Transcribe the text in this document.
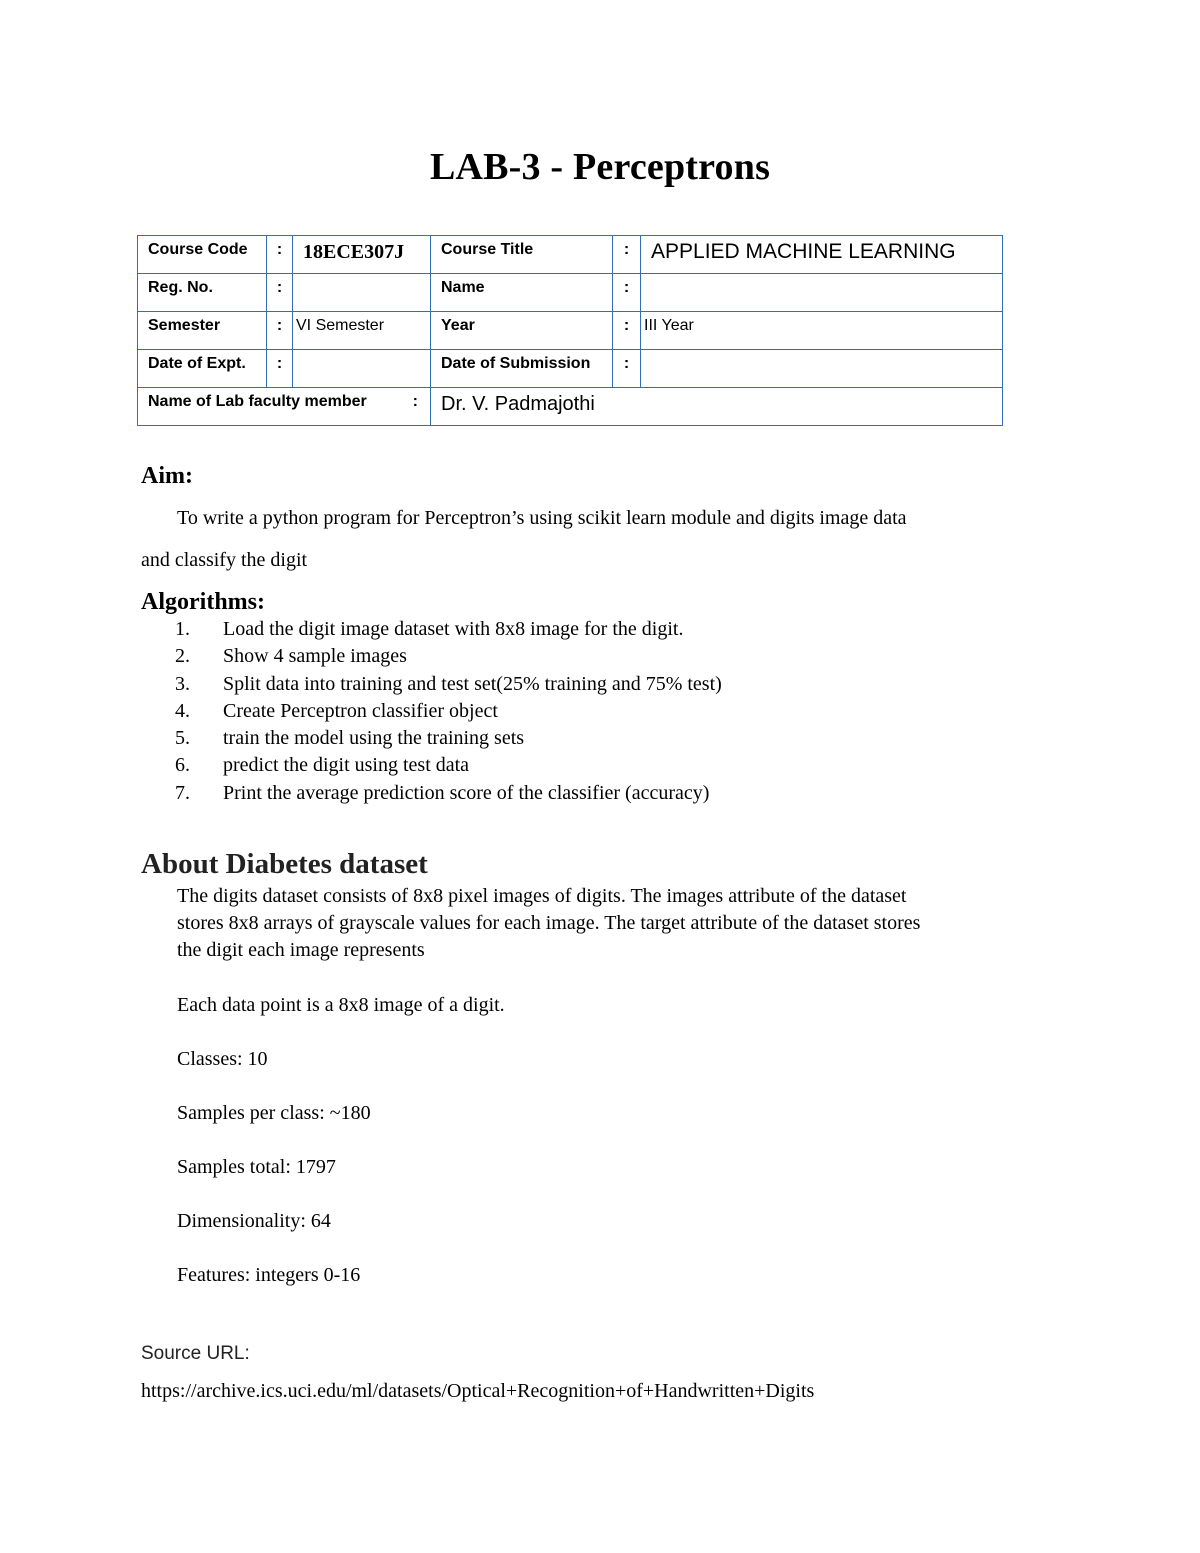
LAB-3 - Perceptrons
Course Code	:	18ECE307J	Course Title	:	APPLIED MACHINE LEARNING
Reg. No.	:		Name	:	
Semester	:	VI Semester	Year	:	III Year
Date of Expt.	:		Date of Submission	:	
Name of Lab faculty member :			Dr. V. Padmajothi		
Aim:
To write a python program for Perceptron’s using scikit learn module and digits image data
and classify the digit
Algorithms:
1. Load the digit image dataset with 8x8 image for the digit.
2. Show 4 sample images
3. Split data into training and test set(25% training and 75% test)
4. Create Perceptron classifier object
5. train the model using the training sets
6. predict the digit using test data
7. Print the average prediction score of the classifier (accuracy)
About Diabetes dataset
The digits dataset consists of 8x8 pixel images of digits. The images attribute of the dataset
stores 8x8 arrays of grayscale values for each image. The target attribute of the dataset stores
the digit each image represents
Each data point is a 8x8 image of a digit.
Classes: 10
Samples per class: ~180
Samples total: 1797
Dimensionality: 64
Features: integers 0-16
Source URL:
https://archive.ics.uci.edu/ml/datasets/Optical+Recognition+of+Handwritten+Digits
